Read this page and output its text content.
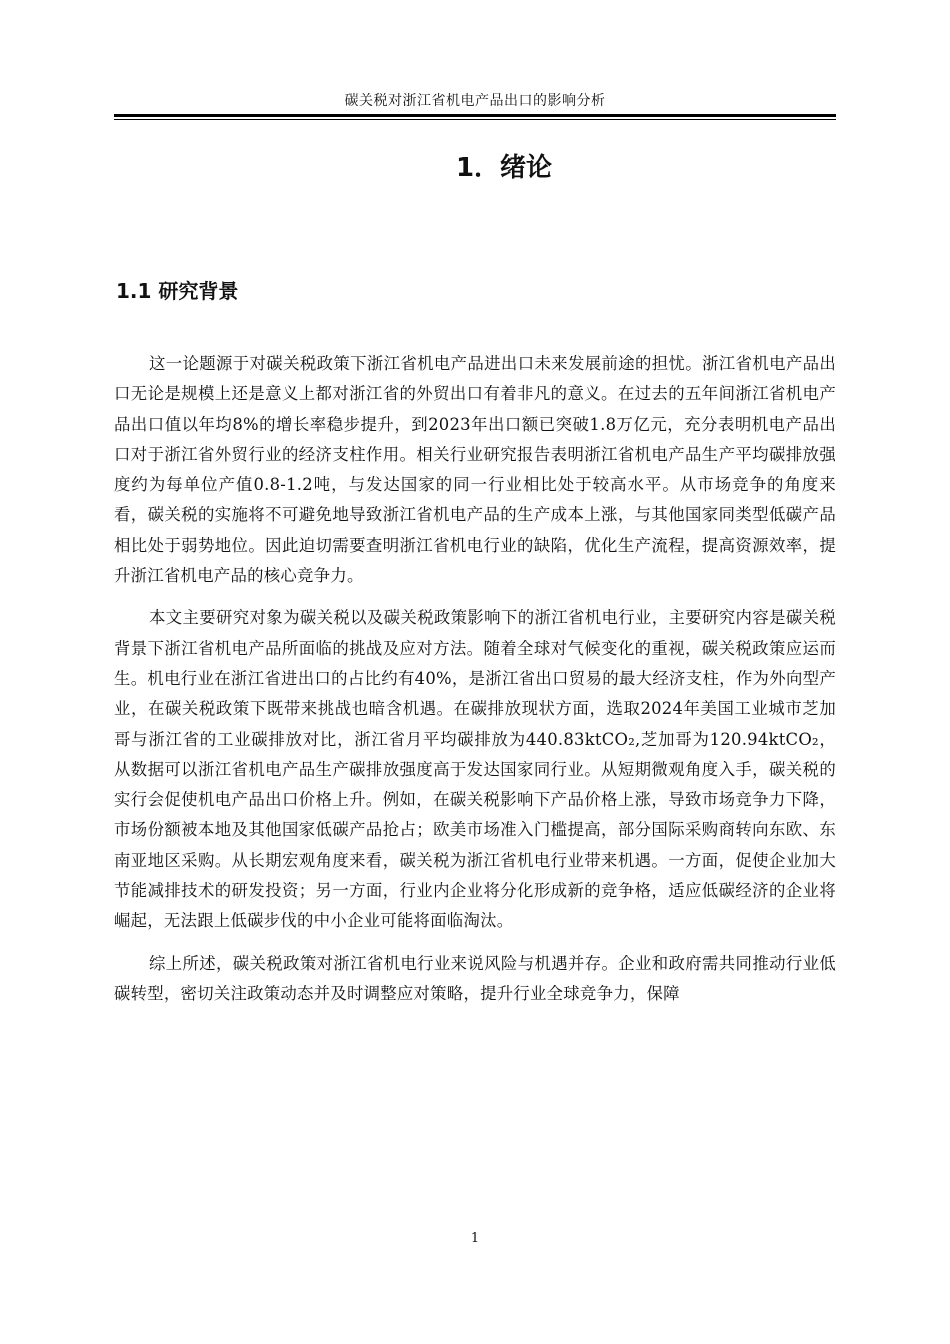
碳关税对浙江省机电产品出口的影响分析
1．绪论
1.1 研究背景

这一论题源于对碳关税政策下浙江省机电产品进出口未来发展前途的担忧。浙江省机电产品出口无论是规模上还是意义上都对浙江省的外贸出口有着非凡的意义。在过去的五年间浙江省机电产品出口值以年均8%的增长率稳步提升，到2023年出口额已突破1.8万亿元，充分表明机电产品出口对于浙江省外贸行业的经济支柱作用。相关行业研究报告表明浙江省机电产品生产平均碳排放强度约为每单位产值0.8-1.2吨，与发达国家的同一行业相比处于较高水平。从市场竞争的角度来看，碳关税的实施将不可避免地导致浙江省机电产品的生产成本上涨，与其他国家同类型低碳产品相比处于弱势地位。因此迫切需要查明浙江省机电行业的缺陷，优化生产流程，提高资源效率，提升浙江省机电产品的核心竞争力。

本文主要研究对象为碳关税以及碳关税政策影响下的浙江省机电行业，主要研究内容是碳关税背景下浙江省机电产品所面临的挑战及应对方法。随着全球对气候变化的重视，碳关税政策应运而生。机电行业在浙江省进出口的占比约有40%，是浙江省出口贸易的最大经济支柱，作为外向型产业，在碳关税政策下既带来挑战也暗含机遇。在碳排放现状方面，选取2024年美国工业城市芝加哥与浙江省的工业碳排放对比，浙江省月平均碳排放为440.83ktCO₂,芝加哥为120.94ktCO₂，从数据可以浙江省机电产品生产碳排放强度高于发达国家同行业。从短期微观角度入手，碳关税的实行会促使机电产品出口价格上升。例如，在碳关税影响下产品价格上涨，导致市场竞争力下降，市场份额被本地及其他国家低碳产品抢占；欧美市场准入门槛提高，部分国际采购商转向东欧、东南亚地区采购。从长期宏观角度来看，碳关税为浙江省机电行业带来机遇。一方面，促使企业加大节能减排技术的研发投资；另一方面，行业内企业将分化形成新的竞争格，适应低碳经济的企业将崛起，无法跟上低碳步伐的中小企业可能将面临淘汰。

综上所述，碳关税政策对浙江省机电行业来说风险与机遇并存。企业和政府需共同推动行业低碳转型，密切关注政策动态并及时调整应对策略，提升行业全球竞争力，保障

1
